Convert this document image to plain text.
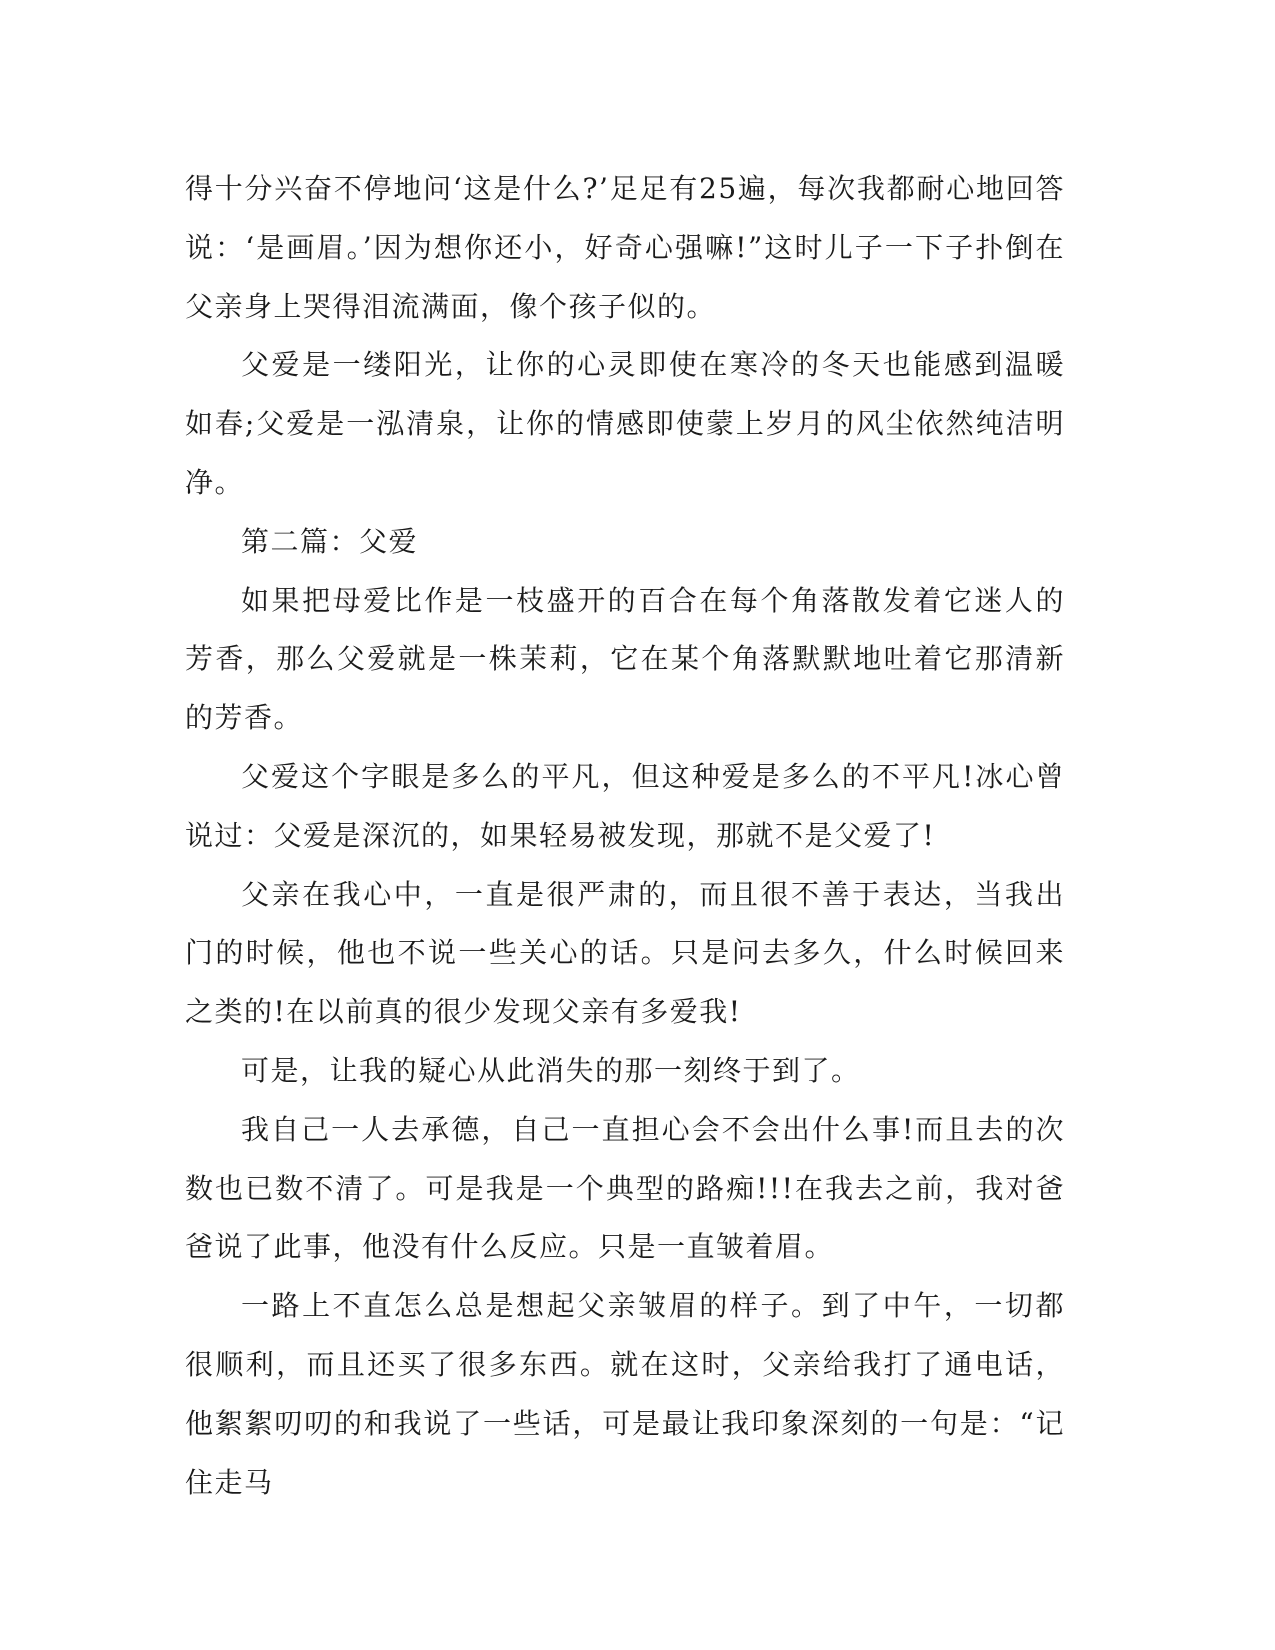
得十分兴奋不停地问‘这是什么?’足足有25遍，每次我都耐心地回答说：‘是画眉。’因为想你还小，好奇心强嘛!”这时儿子一下子扑倒在父亲身上哭得泪流满面，像个孩子似的。

父爱是一缕阳光，让你的心灵即使在寒冷的冬天也能感到温暖如春;父爱是一泓清泉，让你的情感即使蒙上岁月的风尘依然纯洁明净。

第二篇：父爱

如果把母爱比作是一枝盛开的百合在每个角落散发着它迷人的芳香，那么父爱就是一株茉莉，它在某个角落默默地吐着它那清新的芳香。

父爱这个字眼是多么的平凡，但这种爱是多么的不平凡!冰心曾说过：父爱是深沉的，如果轻易被发现，那就不是父爱了!

父亲在我心中，一直是很严肃的，而且很不善于表达，当我出门的时候，他也不说一些关心的话。只是问去多久，什么时候回来之类的!在以前真的很少发现父亲有多爱我!

可是，让我的疑心从此消失的那一刻终于到了。

我自己一人去承德，自己一直担心会不会出什么事!而且去的次数也已数不清了。可是我是一个典型的路痴!!!在我去之前，我对爸爸说了此事，他没有什么反应。只是一直皱着眉。

一路上不直怎么总是想起父亲皱眉的样子。到了中午，一切都很顺利，而且还买了很多东西。就在这时，父亲给我打了通电话，他絮絮叨叨的和我说了一些话，可是最让我印象深刻的一句是：“记住走马
